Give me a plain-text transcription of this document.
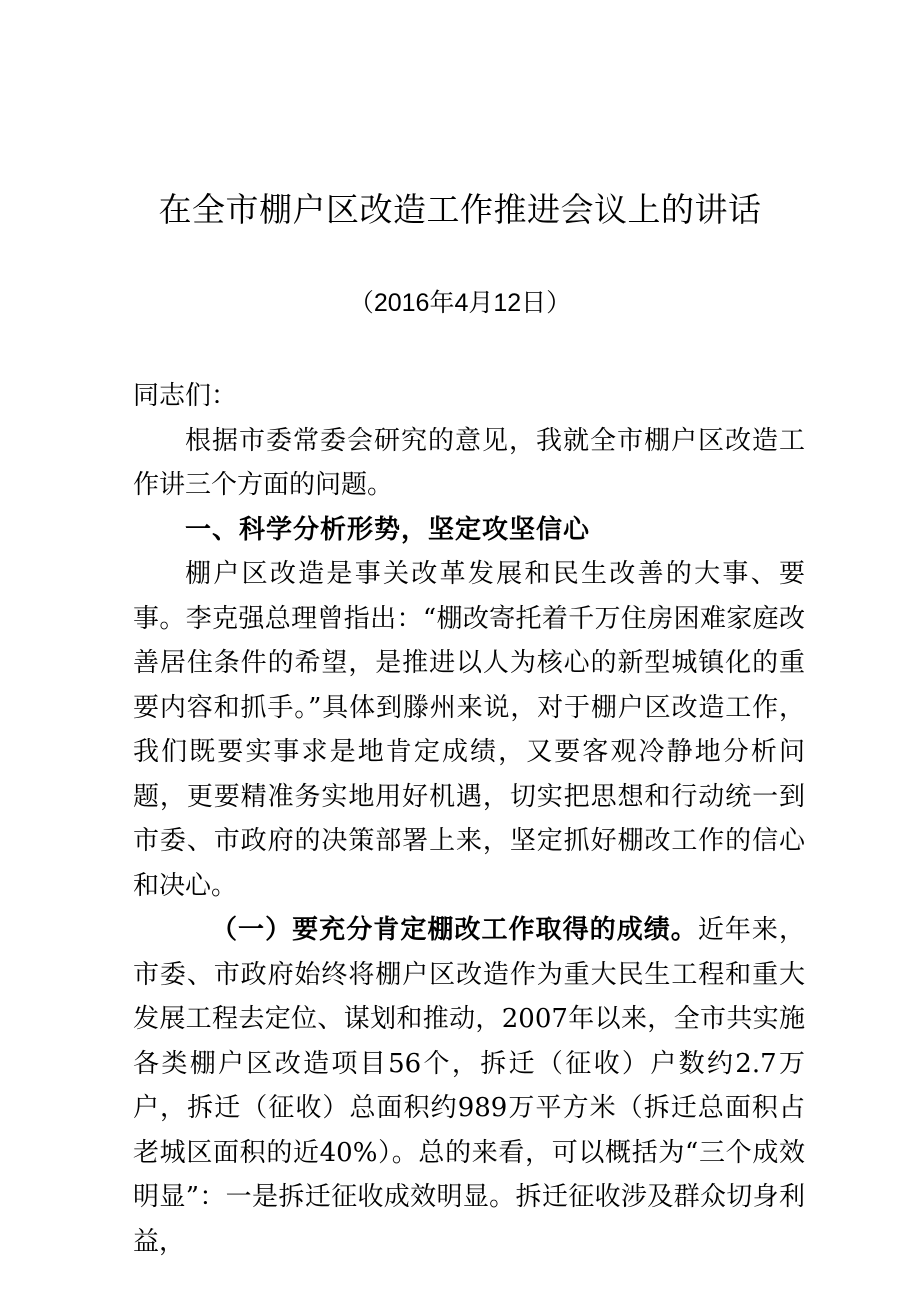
在全市棚户区改造工作推进会议上的讲话
（2016年4月12日）

同志们：

根据市委常委会研究的意见，我就全市棚户区改造工作讲三个方面的问题。

一、科学分析形势，坚定攻坚信心

棚户区改造是事关改革发展和民生改善的大事、要事。李克强总理曾指出：“棚改寄托着千万住房困难家庭改善居住条件的希望，是推进以人为核心的新型城镇化的重要内容和抓手。”具体到滕州来说，对于棚户区改造工作，我们既要实事求是地肯定成绩，又要客观冷静地分析问题，更要精准务实地用好机遇，切实把思想和行动统一到市委、市政府的决策部署上来，坚定抓好棚改工作的信心和决心。

（一）要充分肯定棚改工作取得的成绩。近年来，市委、市政府始终将棚户区改造作为重大民生工程和重大发展工程去定位、谋划和推动，2007年以来，全市共实施各类棚户区改造项目56个，拆迁（征收）户数约2.7万户，拆迁（征收）总面积约989万平方米（拆迁总面积占老城区面积的近40%）。总的来看，可以概括为“三个成效明显”：一是拆迁征收成效明显。拆迁征收涉及群众切身利益，
